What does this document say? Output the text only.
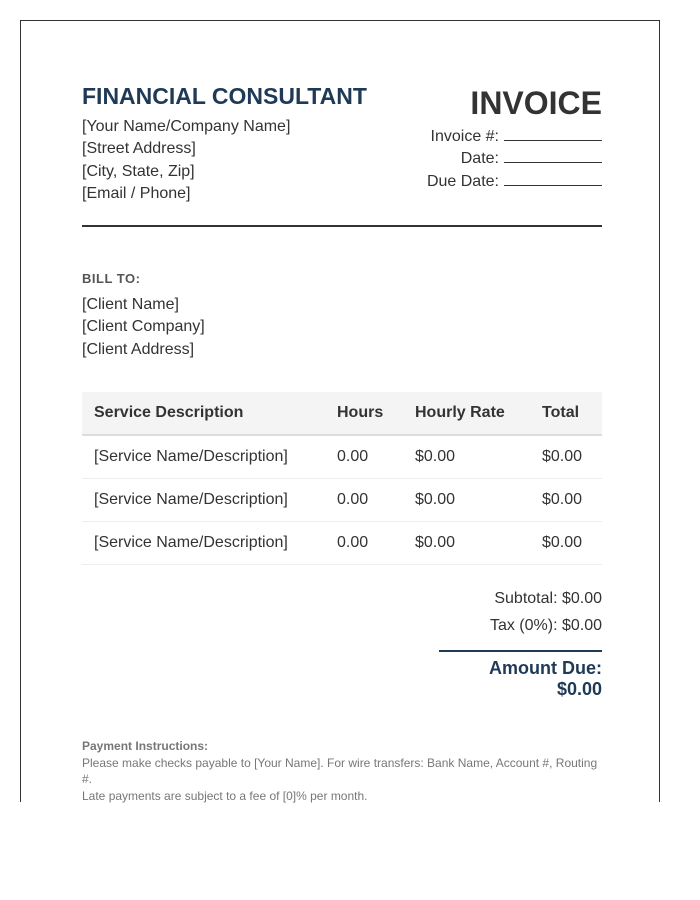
FINANCIAL CONSULTANT
[Your Name/Company Name]
[Street Address]
[City, State, Zip]
[Email / Phone]
INVOICE
Invoice #:
Date:
Due Date:
BILL TO:
[Client Name]
[Client Company]
[Client Address]
Service Description	Hours	Hourly Rate	Total
[Service Name/Description]	0.00	$0.00	$0.00
[Service Name/Description]	0.00	$0.00	$0.00
[Service Name/Description]	0.00	$0.00	$0.00
Subtotal: $0.00
Tax (0%): $0.00
Amount Due: $0.00
Payment Instructions:
Please make checks payable to [Your Name]. For wire transfers: Bank Name, Account #, Routing #.
Late payments are subject to a fee of [0]% per month.
